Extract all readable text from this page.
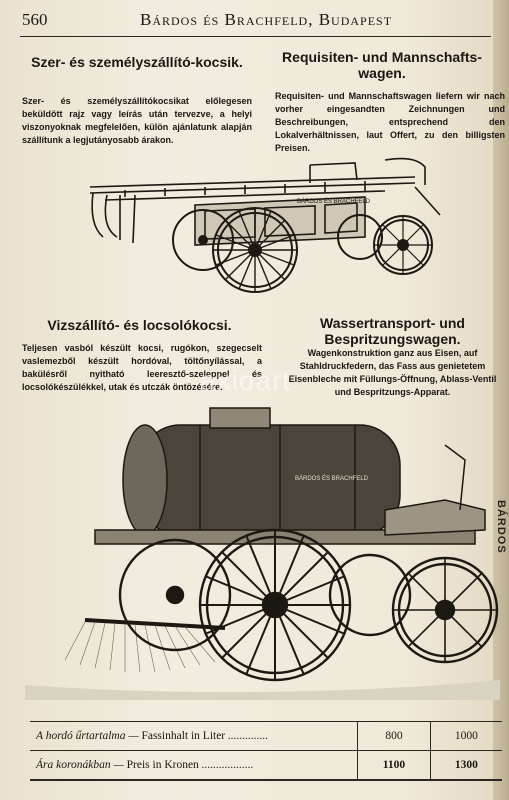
BÁRDOS
560	Bárdos és Brachfeld, Budapest
Szer- és személyszállító-kocsik.	Requisiten- und Mannschafts-wagen.
Szer- és személyszállítókocsikat előlegesen beküldött rajz vagy leírás után tervezve, a helyi viszonyoknak megfelelően, külön ajánlatunk alapján szállítunk a legjutányosabb árakon.
Requisiten- und Mannschaftswagen liefern wir nach vorher eingesandten Zeichnungen und Beschreibungen, entsprechend den Lokalverhältnissen, laut Offert, zu den billigsten Preisen.
BÁRDOS ÉS BRACHFELD
Vizszállító- és locsolókocsi.	Wassertransport- und Bespritzungswagen.
Teljesen vasból készült kocsi, rugókon, szegecselt vaslemezből készült hordóval, töltőnyílással, a bakülésről nyitható leeresztő-szeleppel és locsolókészülékkel, utak és utczák öntözésére.
Wagenkonstruktion ganz aus Eisen, auf Stahldruckfedern, das Fass aus genietetem Eisenbleche mit Füllungs-Öffnung, Ablass-Ventil und Bespritzungs-Apparat.
axioart
BÁRDOS ÉS BRACHFELD
A hordó űrtartalma — Fassinhalt in Liter ..............	800	1000
Ára koronákban — Preis in Kronen ..................	1100	1300
